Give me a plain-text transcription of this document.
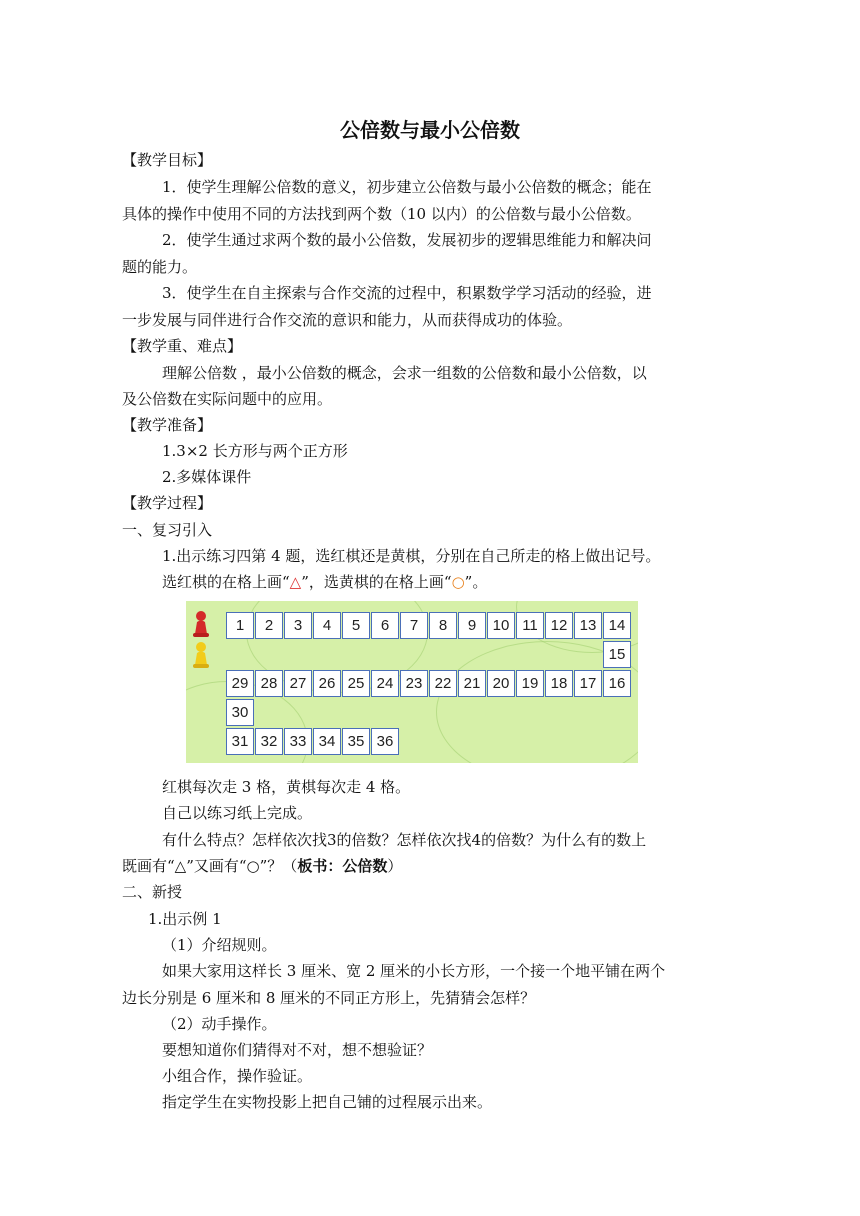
公倍数与最小公倍数
【教学目标】
1．使学生理解公倍数的意义，初步建立公倍数与最小公倍数的概念；能在
具体的操作中使用不同的方法找到两个数（10 以内）的公倍数与最小公倍数。
2．使学生通过求两个数的最小公倍数，发展初步的逻辑思维能力和解决问
题的能力。
3．使学生在自主探索与合作交流的过程中，积累数学学习活动的经验，进
一步发展与同伴进行合作交流的意识和能力，从而获得成功的体验。
【教学重、难点】
理解公倍数 ，最小公倍数的概念，会求一组数的公倍数和最小公倍数，以
及公倍数在实际问题中的应用。
【教学准备】
1.3×2 长方形与两个正方形
2.多媒体课件
【教学过程】
一、复习引入
1.出示练习四第 4 题，选红棋还是黄棋，分别在自己所走的格上做出记号。
选红棋的在格上画“△”，选黄棋的在格上画“○”。
1	2	3	4	5	6	7	8	9	10 11 12 13 14
15
29 28 27 26 25 24 23 22 21 20 19 18 17 16
30
31 32 33 34 35 36
红棋每次走 3 格，黄棋每次走 4 格。
自己以练习纸上完成。
有什么特点？怎样依次找3的倍数？怎样依次找4的倍数？为什么有的数上
既画有“△”又画有“○”？（板书：公倍数）
二、新授
1.出示例 1
（1）介绍规则。
如果大家用这样长 3 厘米、宽 2 厘米的小长方形，一个接一个地平铺在两个
边长分别是 6 厘米和 8 厘米的不同正方形上，先猜猜会怎样？
（2）动手操作。
要想知道你们猜得对不对，想不想验证？
小组合作，操作验证。
指定学生在实物投影上把自己铺的过程展示出来。
